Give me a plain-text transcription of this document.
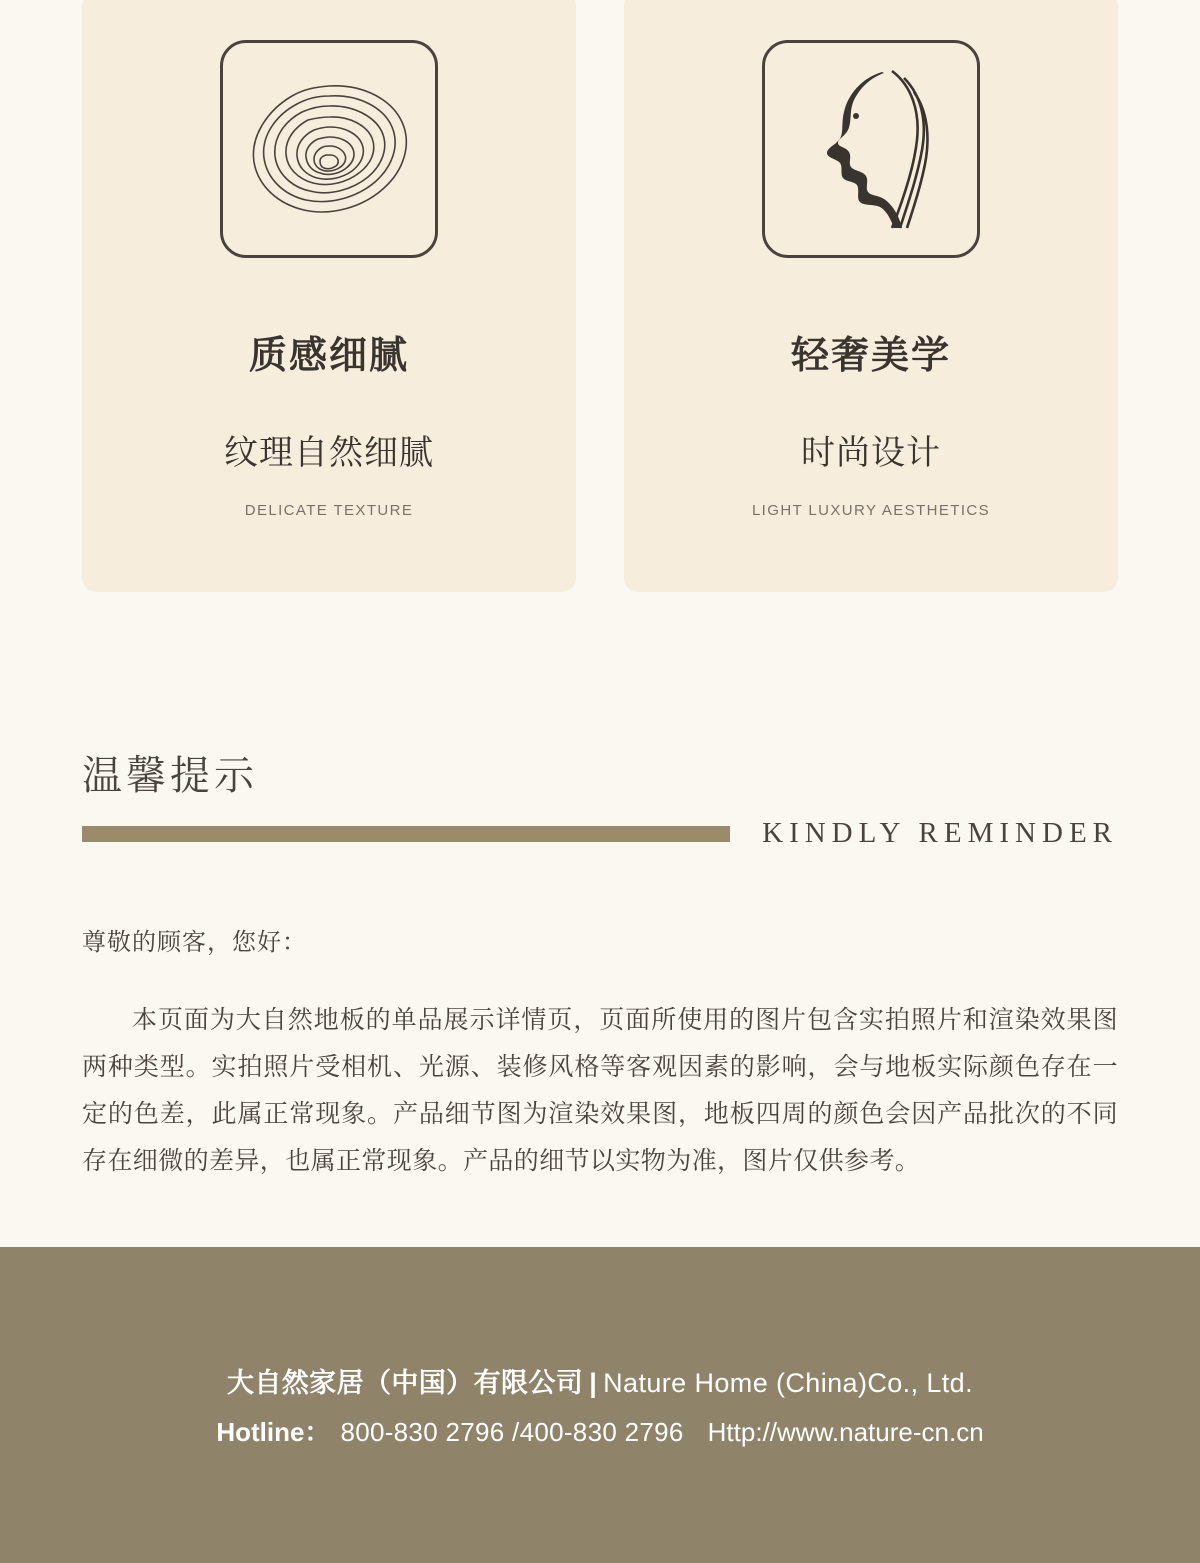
质感细腻
纹理自然细腻
DELICATE TEXTURE
轻奢美学
时尚设计
LIGHT LUXURY AESTHETICS
温馨提示
KINDLY REMINDER
尊敬的顾客，您好：
本页面为大自然地板的单品展示详情页，页面所使用的图片包含实拍照片和渲染效果图两种类型。实拍照片受相机、光源、装修风格等客观因素的影响，会与地板实际颜色存在一定的色差，此属正常现象。产品细节图为渲染效果图，地板四周的颜色会因产品批次的不同存在细微的差异，也属正常现象。产品的细节以实物为准，图片仅供参考。
大自然家居（中国）有限公司 | Nature Home (China)Co., Ltd.
Hotline： 800-830 2796 /400-830 2796 Http://www.nature-cn.cn
